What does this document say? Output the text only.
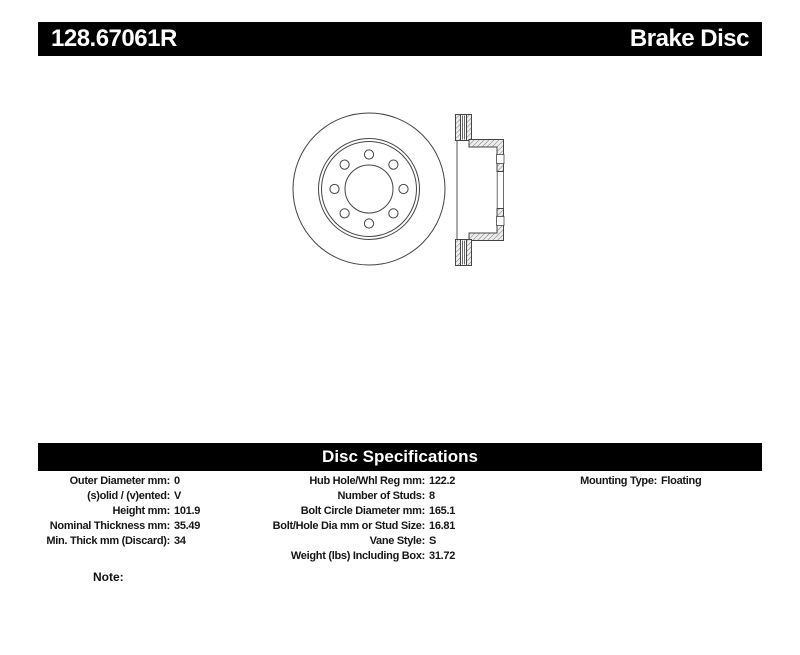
128.67061R	Brake Disc
Disc Specifications
Outer Diameter mm: 0
(s)olid / (v)ented: V
Height mm: 101.9
Nominal Thickness mm: 35.49
Min. Thick mm (Discard): 34
Hub Hole/Whl Reg mm: 122.2
Number of Studs: 8
Bolt Circle Diameter mm: 165.1
Bolt/Hole Dia mm or Stud Size: 16.81
Vane Style: S
Weight (lbs) Including Box: 31.72
Mounting Type: Floating
Note:
